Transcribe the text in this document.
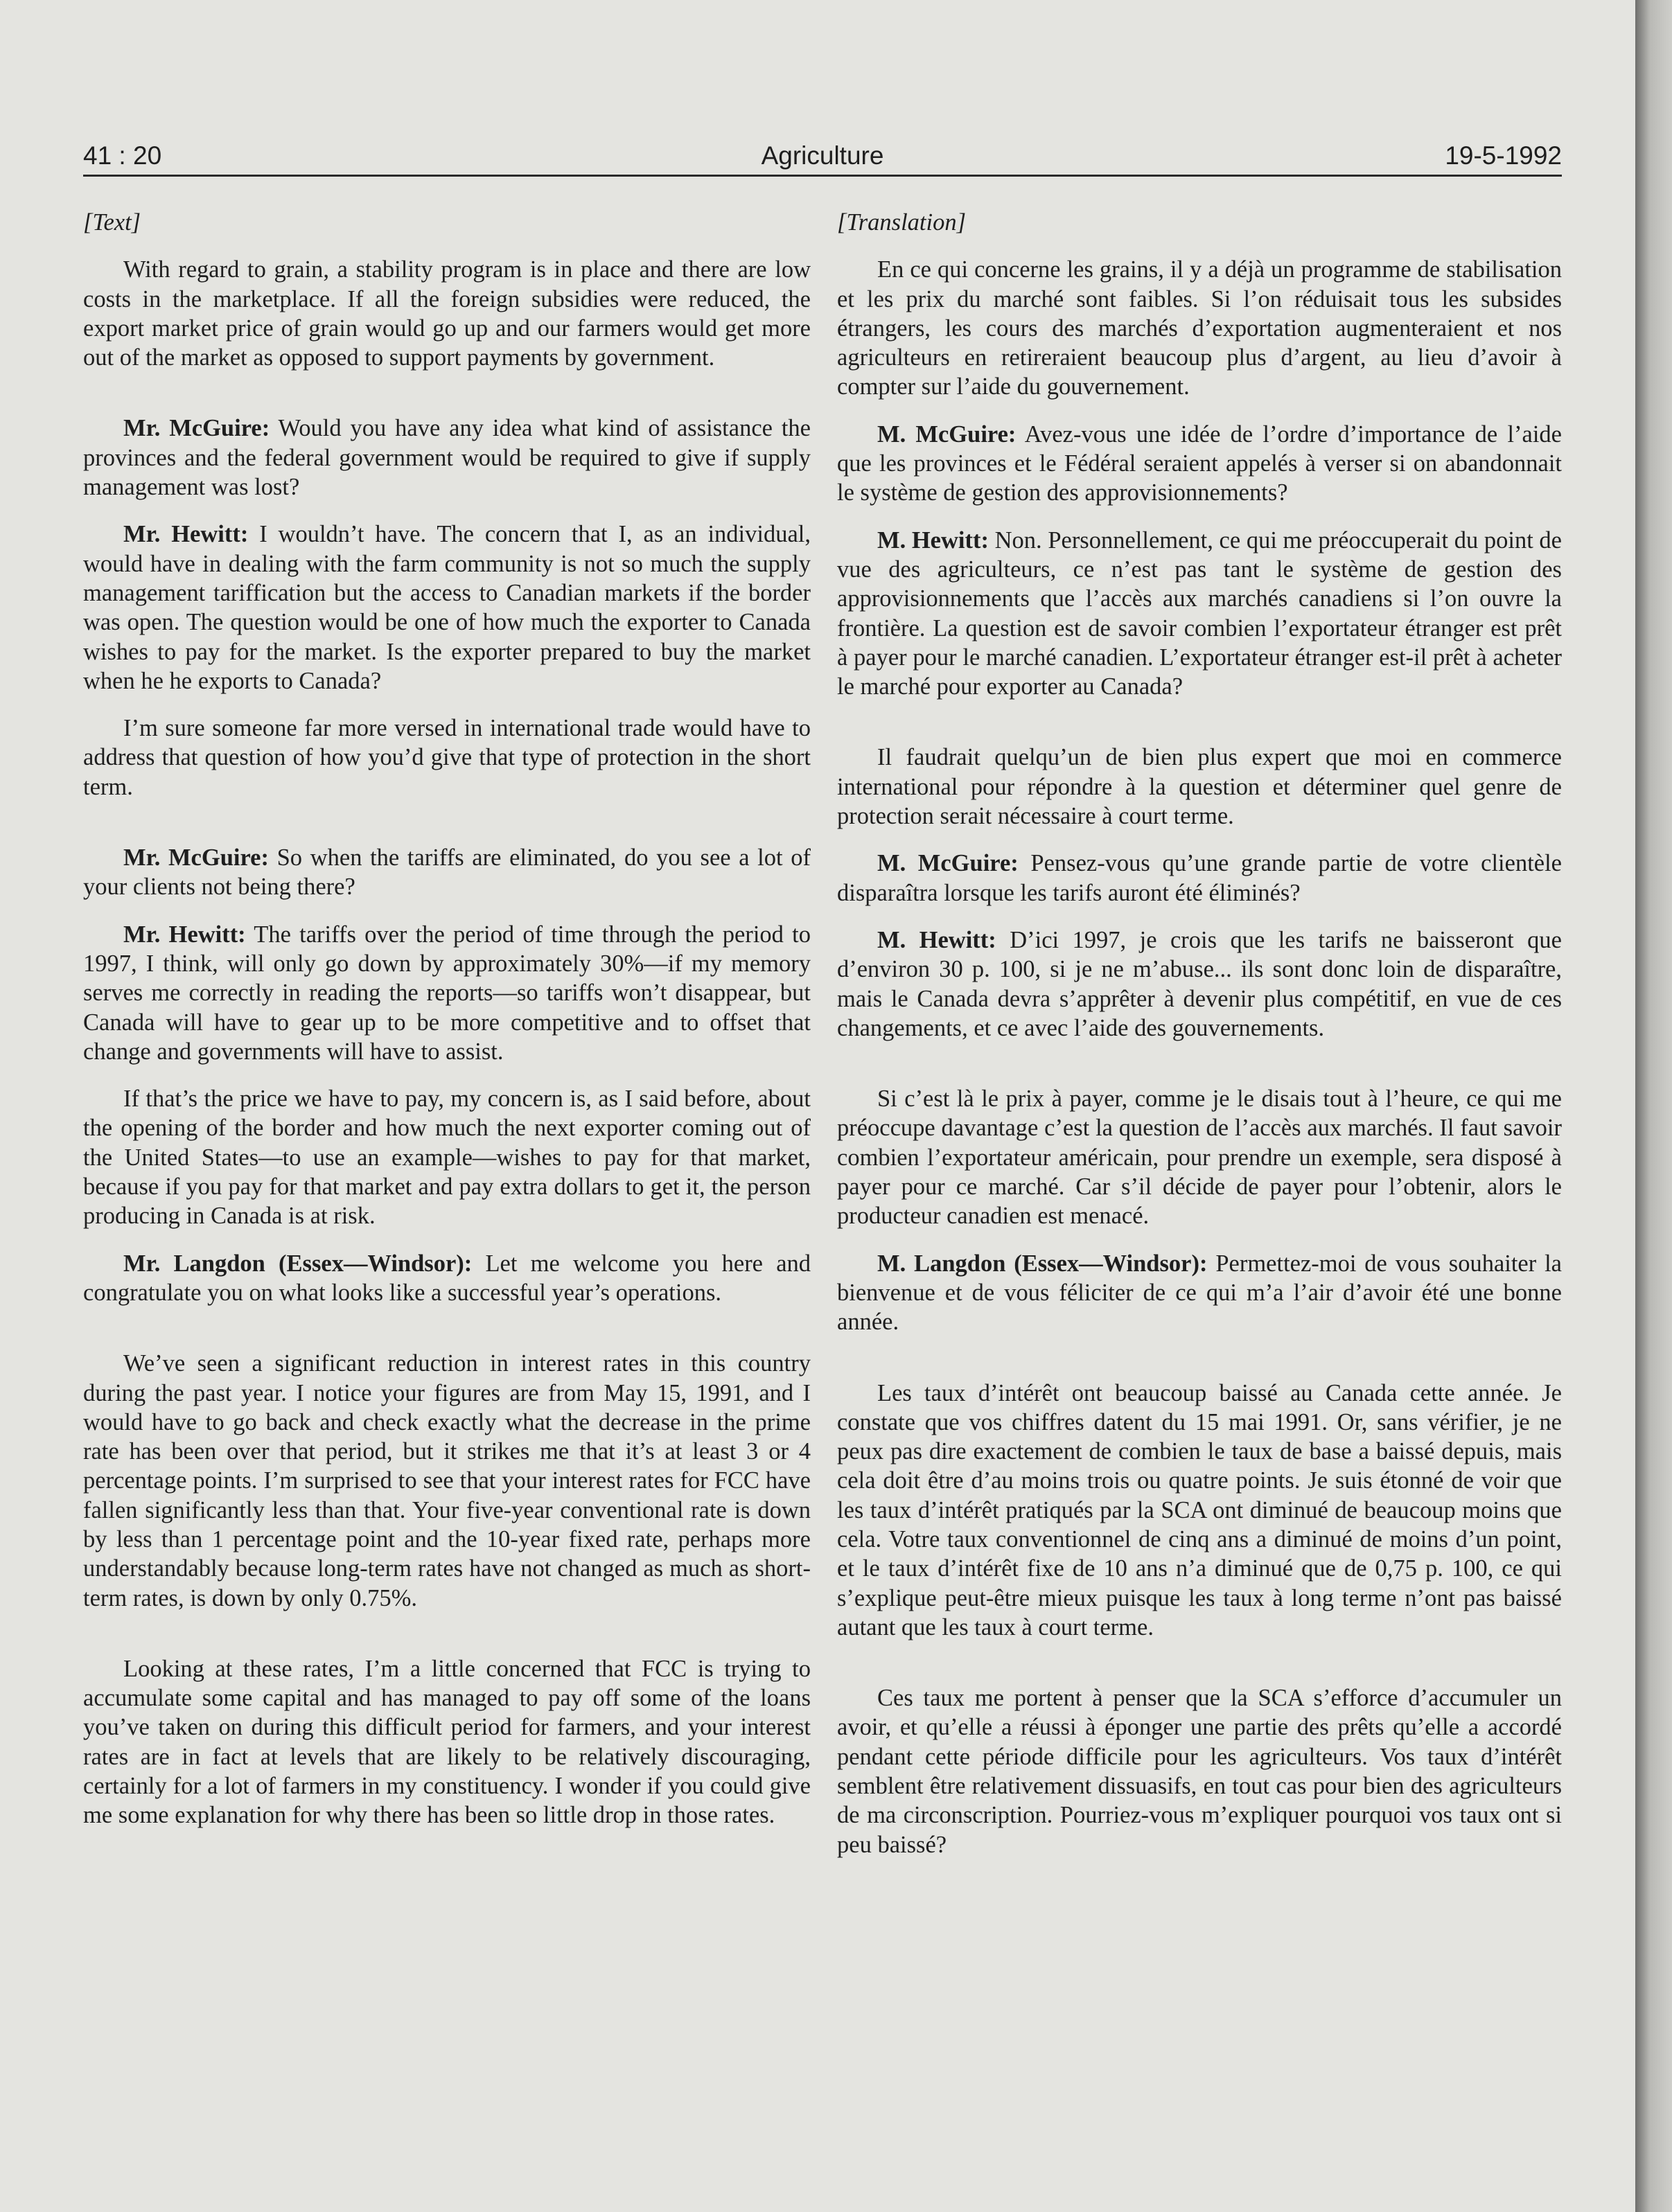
41 : 20	Agriculture	19-5-1992
[Text]

With regard to grain, a stability program is in place and there are low costs in the marketplace. If all the foreign subsidies were reduced, the export market price of grain would go up and our farmers would get more out of the market as opposed to support payments by government.

Mr. McGuire: Would you have any idea what kind of assistance the provinces and the federal government would be required to give if supply management was lost?

Mr. Hewitt: I wouldn’t have. The concern that I, as an individual, would have in dealing with the farm community is not so much the supply management tariffication but the access to Canadian markets if the border was open. The question would be one of how much the exporter to Canada wishes to pay for the market. Is the exporter prepared to buy the market when he he exports to Canada?

I’m sure someone far more versed in international trade would have to address that question of how you’d give that type of protection in the short term.

Mr. McGuire: So when the tariffs are eliminated, do you see a lot of your clients not being there?

Mr. Hewitt: The tariffs over the period of time through the period to 1997, I think, will only go down by approximately 30%—if my memory serves me correctly in reading the reports—so tariffs won’t disappear, but Canada will have to gear up to be more competitive and to offset that change and governments will have to assist.

If that’s the price we have to pay, my concern is, as I said before, about the opening of the border and how much the next exporter coming out of the United States—to use an example—wishes to pay for that market, because if you pay for that market and pay extra dollars to get it, the person producing in Canada is at risk.

Mr. Langdon (Essex—Windsor): Let me welcome you here and congratulate you on what looks like a successful year’s operations.

We’ve seen a significant reduction in interest rates in this country during the past year. I notice your figures are from May 15, 1991, and I would have to go back and check exactly what the decrease in the prime rate has been over that period, but it strikes me that it’s at least 3 or 4 percentage points. I’m surprised to see that your interest rates for FCC have fallen significantly less than that. Your five-year conventional rate is down by less than 1 percentage point and the 10-year fixed rate, perhaps more understandably because long-term rates have not changed as much as short-term rates, is down by only 0.75%.

Looking at these rates, I’m a little concerned that FCC is trying to accumulate some capital and has managed to pay off some of the loans you’ve taken on during this difficult period for farmers, and your interest rates are in fact at levels that are likely to be relatively discouraging, certainly for a lot of farmers in my constituency. I wonder if you could give me some explanation for why there has been so little drop in those rates.

[Translation]

En ce qui concerne les grains, il y a déjà un programme de stabilisation et les prix du marché sont faibles. Si l’on réduisait tous les subsides étrangers, les cours des marchés d’exportation augmenteraient et nos agriculteurs en retireraient beaucoup plus d’argent, au lieu d’avoir à compter sur l’aide du gouvernement.

M. McGuire: Avez-vous une idée de l’ordre d’importance de l’aide que les provinces et le Fédéral seraient appelés à verser si on abandonnait le système de gestion des approvisionnements?

M. Hewitt: Non. Personnellement, ce qui me préoccuperait du point de vue des agriculteurs, ce n’est pas tant le système de gestion des approvisionnements que l’accès aux marchés canadiens si l’on ouvre la frontière. La question est de savoir combien l’exportateur étranger est prêt à payer pour le marché canadien. L’exportateur étranger est-il prêt à acheter le marché pour exporter au Canada?

Il faudrait quelqu’un de bien plus expert que moi en commerce international pour répondre à la question et déterminer quel genre de protection serait nécessaire à court terme.

M. McGuire: Pensez-vous qu’une grande partie de votre clientèle disparaîtra lorsque les tarifs auront été éliminés?

M. Hewitt: D’ici 1997, je crois que les tarifs ne baisseront que d’environ 30 p. 100, si je ne m’abuse... ils sont donc loin de disparaître, mais le Canada devra s’apprêter à devenir plus compétitif, en vue de ces changements, et ce avec l’aide des gouvernements.

Si c’est là le prix à payer, comme je le disais tout à l’heure, ce qui me préoccupe davantage c’est la question de l’accès aux marchés. Il faut savoir combien l’exportateur américain, pour prendre un exemple, sera disposé à payer pour ce marché. Car s’il décide de payer pour l’obtenir, alors le producteur canadien est menacé.

M. Langdon (Essex—Windsor): Permettez-moi de vous souhaiter la bienvenue et de vous féliciter de ce qui m’a l’air d’avoir été une bonne année.

Les taux d’intérêt ont beaucoup baissé au Canada cette année. Je constate que vos chiffres datent du 15 mai 1991. Or, sans vérifier, je ne peux pas dire exactement de combien le taux de base a baissé depuis, mais cela doit être d’au moins trois ou quatre points. Je suis étonné de voir que les taux d’intérêt pratiqués par la SCA ont diminué de beaucoup moins que cela. Votre taux conventionnel de cinq ans a diminué de moins d’un point, et le taux d’intérêt fixe de 10 ans n’a diminué que de 0,75 p. 100, ce qui s’explique peut-être mieux puisque les taux à long terme n’ont pas baissé autant que les taux à court terme.

Ces taux me portent à penser que la SCA s’efforce d’accumuler un avoir, et qu’elle a réussi à éponger une partie des prêts qu’elle a accordé pendant cette période difficile pour les agriculteurs. Vos taux d’intérêt semblent être relativement dissuasifs, en tout cas pour bien des agriculteurs de ma circonscription. Pourriez-vous m’expliquer pourquoi vos taux ont si peu baissé?
